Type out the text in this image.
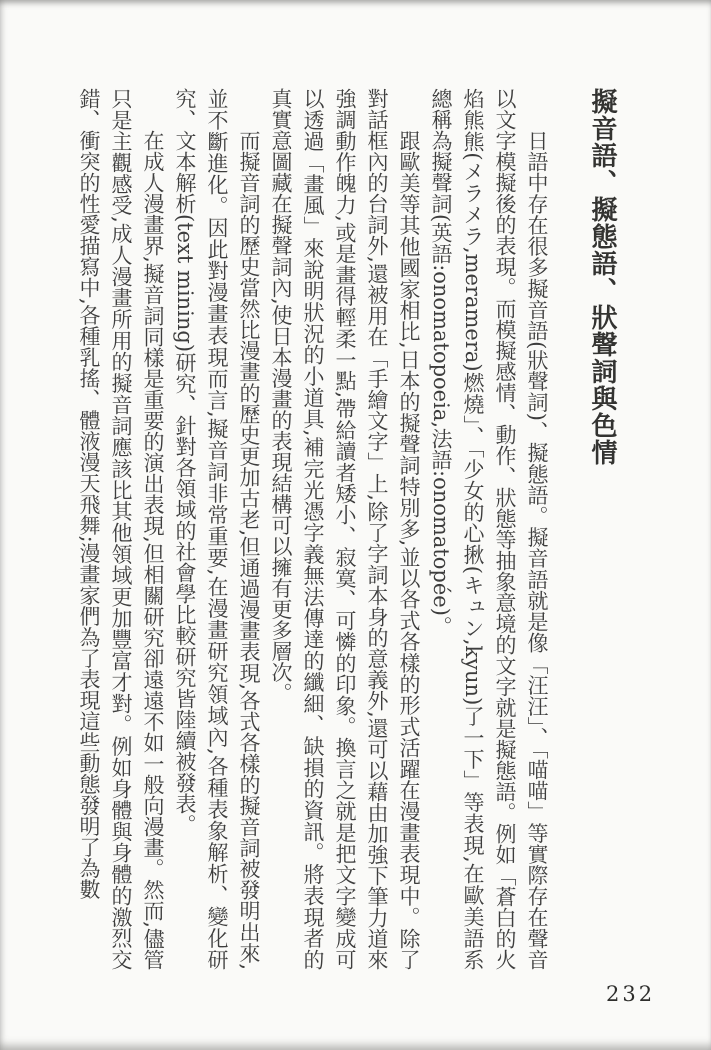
擬音語、擬態語、狀聲詞與色情

日語中存在很多擬音語(狀聲詞)、擬態語。擬音語就是像「汪汪」、「喵喵」等實際存在聲音以文字模擬後的表現。而模擬感情、動作、狀態等抽象意境的文字就是擬態語。例如「蒼白的火焰熊熊(メラメラ,meramera)燃燒」、「少女的心揪(キュン,kyun)了一下」等表現,在歐美語系總稱為擬聲詞(英語:onomatopoeia,法語:onomatopée)。

跟歐美等其他國家相比,日本的擬聲詞特別多,並以各式各樣的形式活躍在漫畫表現中。除了對話框內的台詞外,還被用在「手繪文字」上,除了字詞本身的意義外,還可以藉由加強下筆力道來強調動作魄力,或是畫得輕柔一點,帶給讀者矮小、寂寞、可憐的印象。換言之就是把文字變成可以透過「畫風」來說明狀況的小道具,補完光憑字義無法傳達的纖細、缺損的資訊。將表現者的真實意圖藏在擬聲詞內,使日本漫畫的表現結構可以擁有更多層次。

而擬音詞的歷史當然比漫畫的歷史更加古老,但通過漫畫表現,各式各樣的擬音詞被發明出來,並不斷進化。因此對漫畫表現而言,擬音詞非常重要,在漫畫研究領域內,各種表象解析、變化研究、文本解析(text mining)研究、針對各領域的社會學比較研究皆陸續被發表。

在成人漫畫界,擬音詞同樣是重要的演出表現,但相關研究卻遠遠不如一般向漫畫。然而,儘管只是主觀感受,成人漫畫所用的擬音詞應該比其他領域更加豐富才對。例如身體與身體的激烈交錯、衝突的性愛描寫中,各種乳搖、體液漫天飛舞;漫畫家們為了表現這些動態發明了為數

232
